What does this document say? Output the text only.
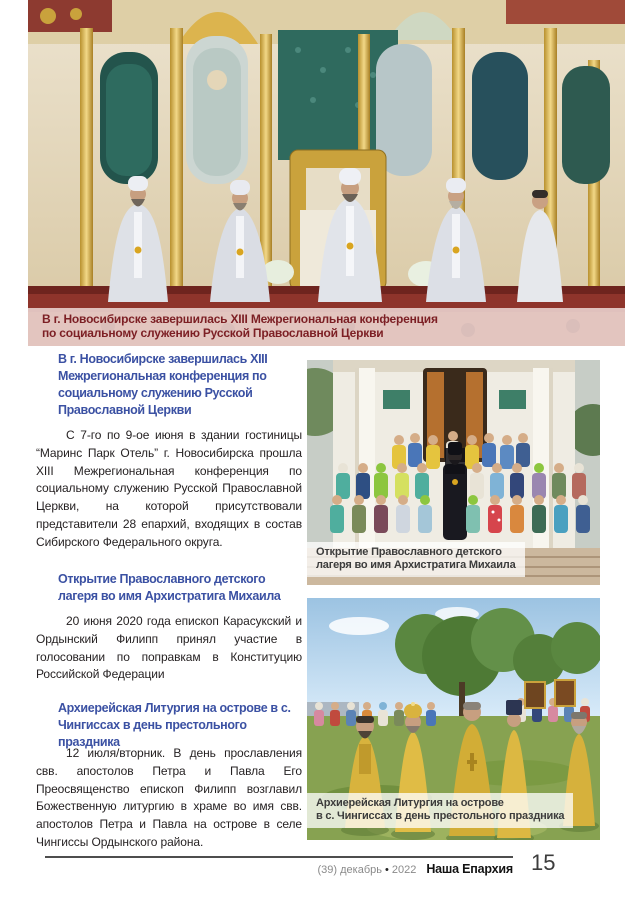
В г. Новосибирске завершилась XIII Межрегиональная конференция
по социальному служению Русской Православной Церкви
В г. Новосибирске завершилась XIII Межрегиональная конференция по социальному служению Русской Православной Церкви
С 7-го по 9-ое июня в здании гостиницы “Маринс Парк Отель” г. Новосибирска прошла XIII Межрегиональная конференция по социальному служению Русской Православной Церкви, на которой присутствовали представители 28 епархий, входящих в состав Сибирского Федерального округа.
Открытие Православного детского лагеря во имя Архистратига Михаила
20 июня 2020 года епископ Карасукский и Ордынский Филипп принял участие в голосовании по поправкам в Конституцию Российской Федерации
Архиерейская Литургия на острове в с. Чингиссах в день престольного праздника
12 июля/вторник. В день прославления свв. апостолов Петра и Павла Его Преосвященство епископ Филипп возглавил Божественную литургию в храме во имя свв. апостолов Петра и Павла на острове в селе Чингиссы Ордынского района.
Открытие Православного детского
лагеря во имя Архистратига Михаила
Архиерейская Литургия на острове
в с. Чингиссах в день престольного праздника
(39) декабрь • 2022 Наша Епархия 15
